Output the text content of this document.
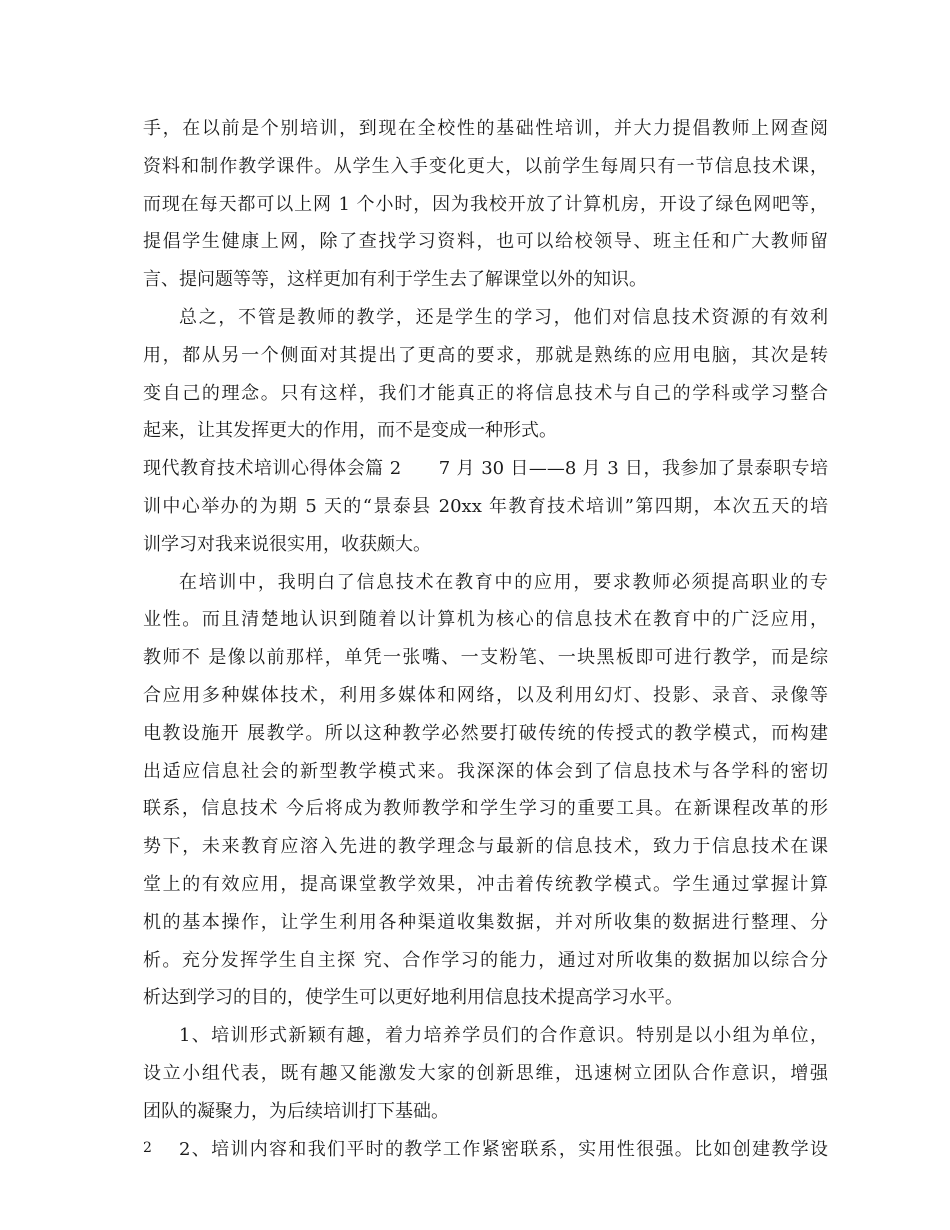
手，在以前是个别培训，到现在全校性的基础性培训，并大力提倡教师上网查阅
资料和制作教学课件。从学生入手变化更大，以前学生每周只有一节信息技术课，
而现在每天都可以上网 1 个小时，因为我校开放了计算机房，开设了绿色网吧等，
提倡学生健康上网，除了查找学习资料，也可以给校领导、班主任和广大教师留
言、提问题等等，这样更加有利于学生去了解课堂以外的知识。
总之，不管是教师的教学，还是学生的学习，他们对信息技术资源的有效利
用，都从另一个侧面对其提出了更高的要求，那就是熟练的应用电脑，其次是转
变自己的理念。只有这样，我们才能真正的将信息技术与自己的学科或学习整合
起来，让其发挥更大的作用，而不是变成一种形式。
现代教育技术培训心得体会篇 2　　7 月 30 日——8 月 3 日，我参加了景泰职专培
训中心举办的为期 5 天的“景泰县 20xx 年教育技术培训”第四期，本次五天的培
训学习对我来说很实用，收获颇大。
在培训中，我明白了信息技术在教育中的应用，要求教师必须提高职业的专
业性。而且清楚地认识到随着以计算机为核心的信息技术在教育中的广泛应用，
教师不 是像以前那样，单凭一张嘴、一支粉笔、一块黑板即可进行教学，而是综
合应用多种媒体技术，利用多媒体和网络，以及利用幻灯、投影、录音、录像等
电教设施开 展教学。所以这种教学必然要打破传统的传授式的教学模式，而构建
出适应信息社会的新型教学模式来。我深深的体会到了信息技术与各学科的密切
联系，信息技术 今后将成为教师教学和学生学习的重要工具。在新课程改革的形
势下，未来教育应溶入先进的教学理念与最新的信息技术，致力于信息技术在课
堂上的有效应用，提高课堂教学效果，冲击着传统教学模式。学生通过掌握计算
机的基本操作，让学生利用各种渠道收集数据，并对所收集的数据进行整理、分
析。充分发挥学生自主探 究、合作学习的能力，通过对所收集的数据加以综合分
析达到学习的目的，使学生可以更好地利用信息技术提高学习水平。
1、培训形式新颖有趣，着力培养学员们的合作意识。特别是以小组为单位，
设立小组代表，既有趣又能激发大家的创新思维，迅速树立团队合作意识，增强
团队的凝聚力，为后续培训打下基础。
2、培训内容和我们平时的教学工作紧密联系，实用性很强。比如创建教学设
2
